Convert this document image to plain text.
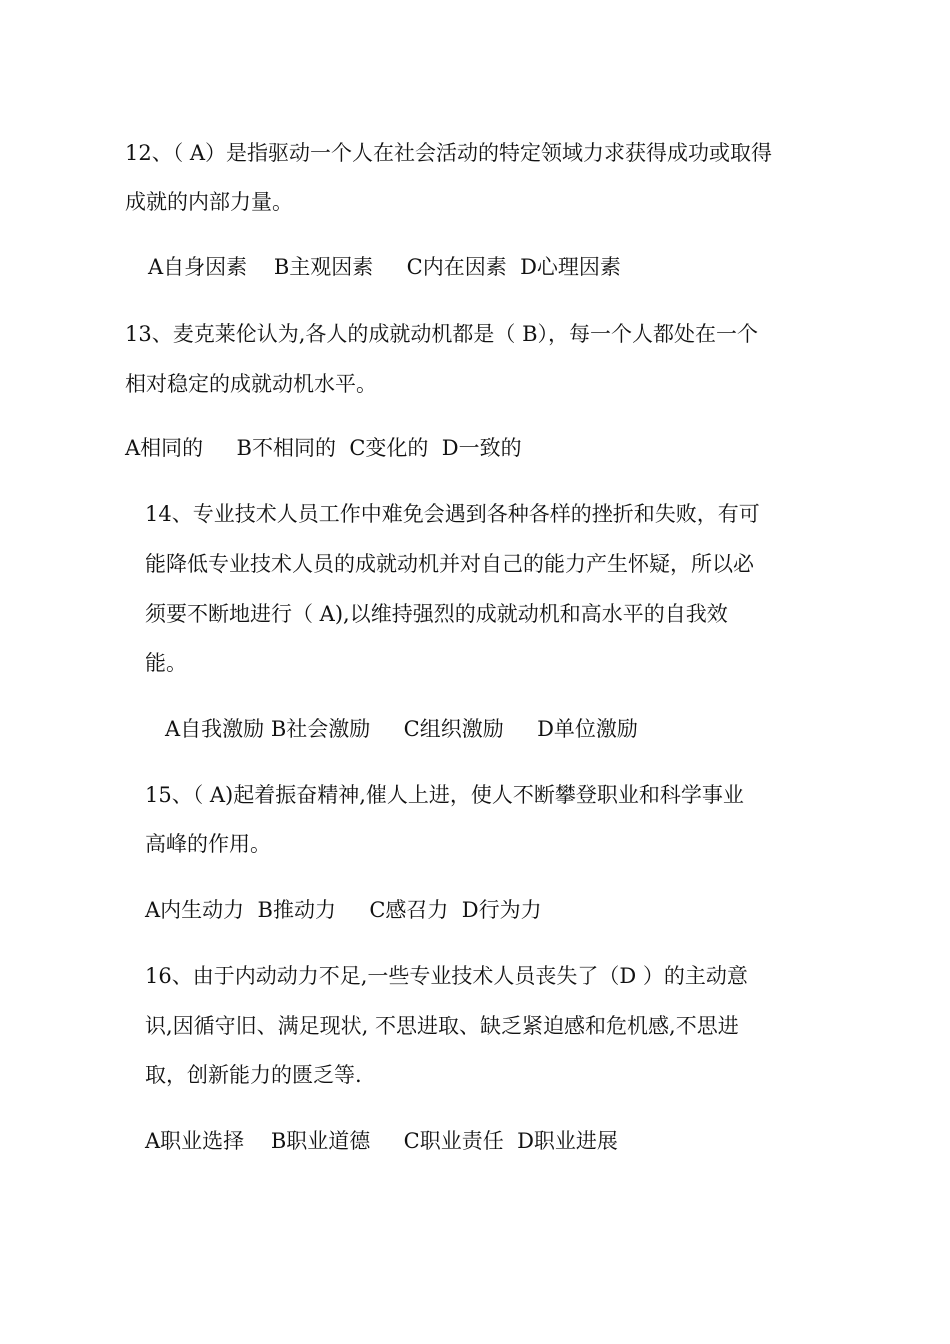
12、（ A）是指驱动一个人在社会活动的特定领域力求获得成功或取得
成就的内部力量。
A自身因素    B主观因素     C内在因素  D心理因素
13、麦克莱伦认为,各人的成就动机都是（ B），每一个人都处在一个
相对稳定的成就动机水平。
A相同的     B不相同的  C变化的  D一致的
14、专业技术人员工作中难免会遇到各种各样的挫折和失败，有可
能降低专业技术人员的成就动机并对自己的能力产生怀疑，所以必
须要不断地进行（ A),以维持强烈的成就动机和高水平的自我效
能。
A自我激励 B社会激励     C组织激励     D单位激励
15、（ A)起着振奋精神,催人上进，使人不断攀登职业和科学事业
高峰的作用。
A内生动力  B推动力     C感召力  D行为力
16、由于内动动力不足,一些专业技术人员丧失了（D ）的主动意
识,因循守旧、满足现状, 不思进取、缺乏紧迫感和危机感,不思进
取，创新能力的匮乏等.
A职业选择    B职业道德     C职业责任  D职业进展
